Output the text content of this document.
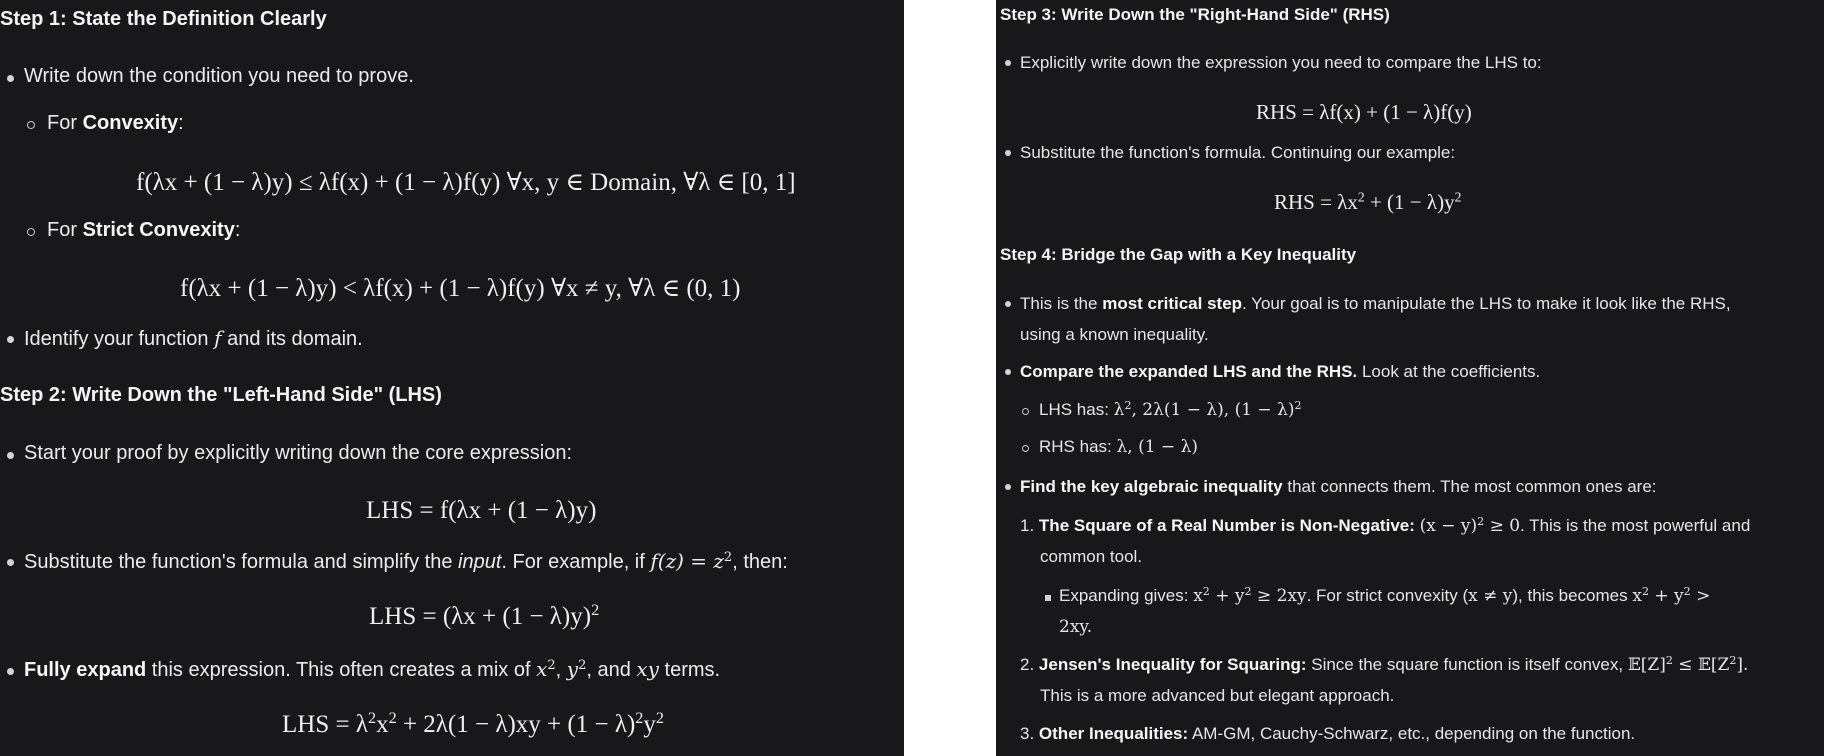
Step 1: State the Definition Clearly
Write down the condition you need to prove.
For Convexity:
f(λx + (1 − λ)y) ≤ λf(x) + (1 − λ)f(y) ∀x, y ∈ Domain, ∀λ ∈ [0, 1]
For Strict Convexity:
f(λx + (1 − λ)y) < λf(x) + (1 − λ)f(y) ∀x ≠ y, ∀λ ∈ (0, 1)
Identify your function f and its domain.
Step 2: Write Down the "Left-Hand Side" (LHS)
Start your proof by explicitly writing down the core expression:
LHS = f(λx + (1 − λ)y)
Substitute the function's formula and simplify the input. For example, if $f(z) = z^2$, then:
LHS = $(\lambda x + (1 - \lambda)y)^2$
Fully expand this expression. This often creates a mix of $x^2$, $y^2$, and xy terms.
LHS = $\lambda^2x^2 + 2\lambda(1 - \lambda)xy + (1 - \lambda)^2y^2$
Step 3: Write Down the "Right-Hand Side" (RHS)
Explicitly write down the expression you need to compare the LHS to:
RHS = λf(x) + (1 − λ)f(y)
Substitute the function's formula. Continuing our example:
RHS = $\lambda x^2 + (1 - \lambda)y^2$
Step 4: Bridge the Gap with a Key Inequality
This is the most critical step. Your goal is to manipulate the LHS to make it look like the RHS,
using a known inequality.
Compare the expanded LHS and the RHS. Look at the coefficients.
LHS has: $\lambda^2$, 2λ(1 − λ), $(1 - \lambda)^2$
RHS has: λ, (1 − λ)
Find the key algebraic inequality that connects them. The most common ones are:
1. The Square of a Real Number is Non-Negative: $(x - y)^2 \ge 0$. This is the most powerful and
common tool.
Expanding gives: $x^2 + y^2 \ge 2xy$. For strict convexity (x ≠ y), this becomes $x^2 + y^2$ >
2xy.
2. Jensen's Inequality for Squaring: Since the square function is itself convex, $𝔼[Z]^2$ ≤ $𝔼[Z^2]$.
This is a more advanced but elegant approach.
3. Other Inequalities: AM-GM, Cauchy-Schwarz, etc., depending on the function.
